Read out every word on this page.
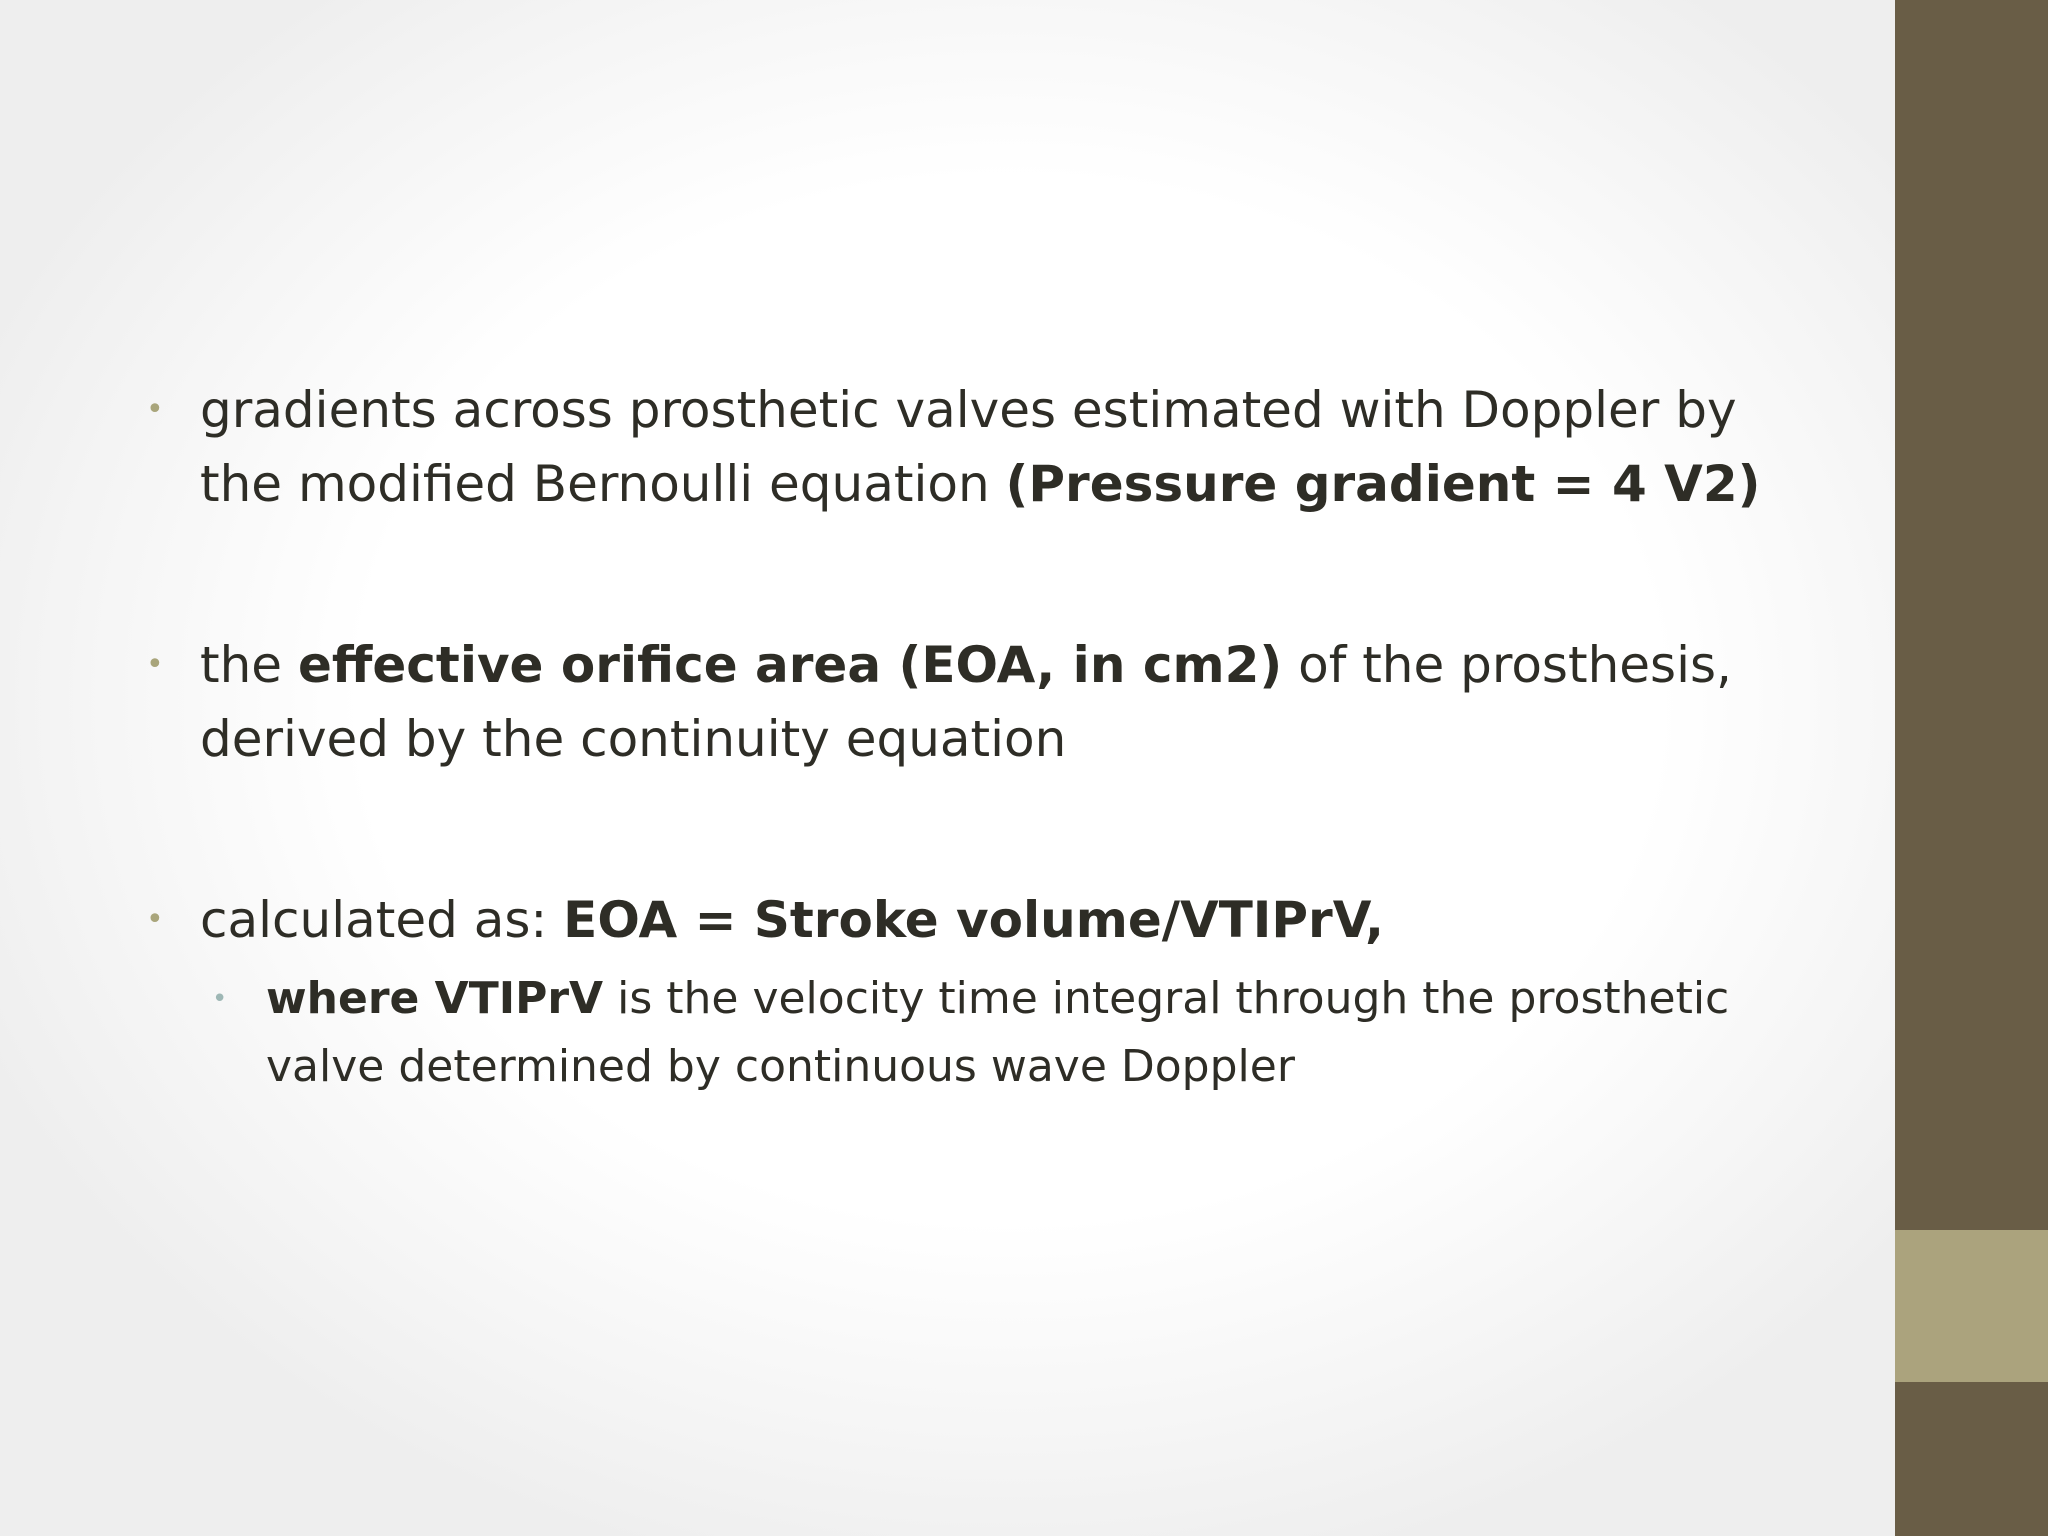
• gradients across prosthetic valves estimated with Doppler by the modified Bernoulli equation (Pressure gradient = 4 V2)
• the effective orifice area (EOA, in cm2) of the prosthesis, derived by the continuity equation
• calculated as: EOA = Stroke volume/VTIPrV,
• where VTIPrV is the velocity time integral through the prosthetic valve determined by continuous wave Doppler
